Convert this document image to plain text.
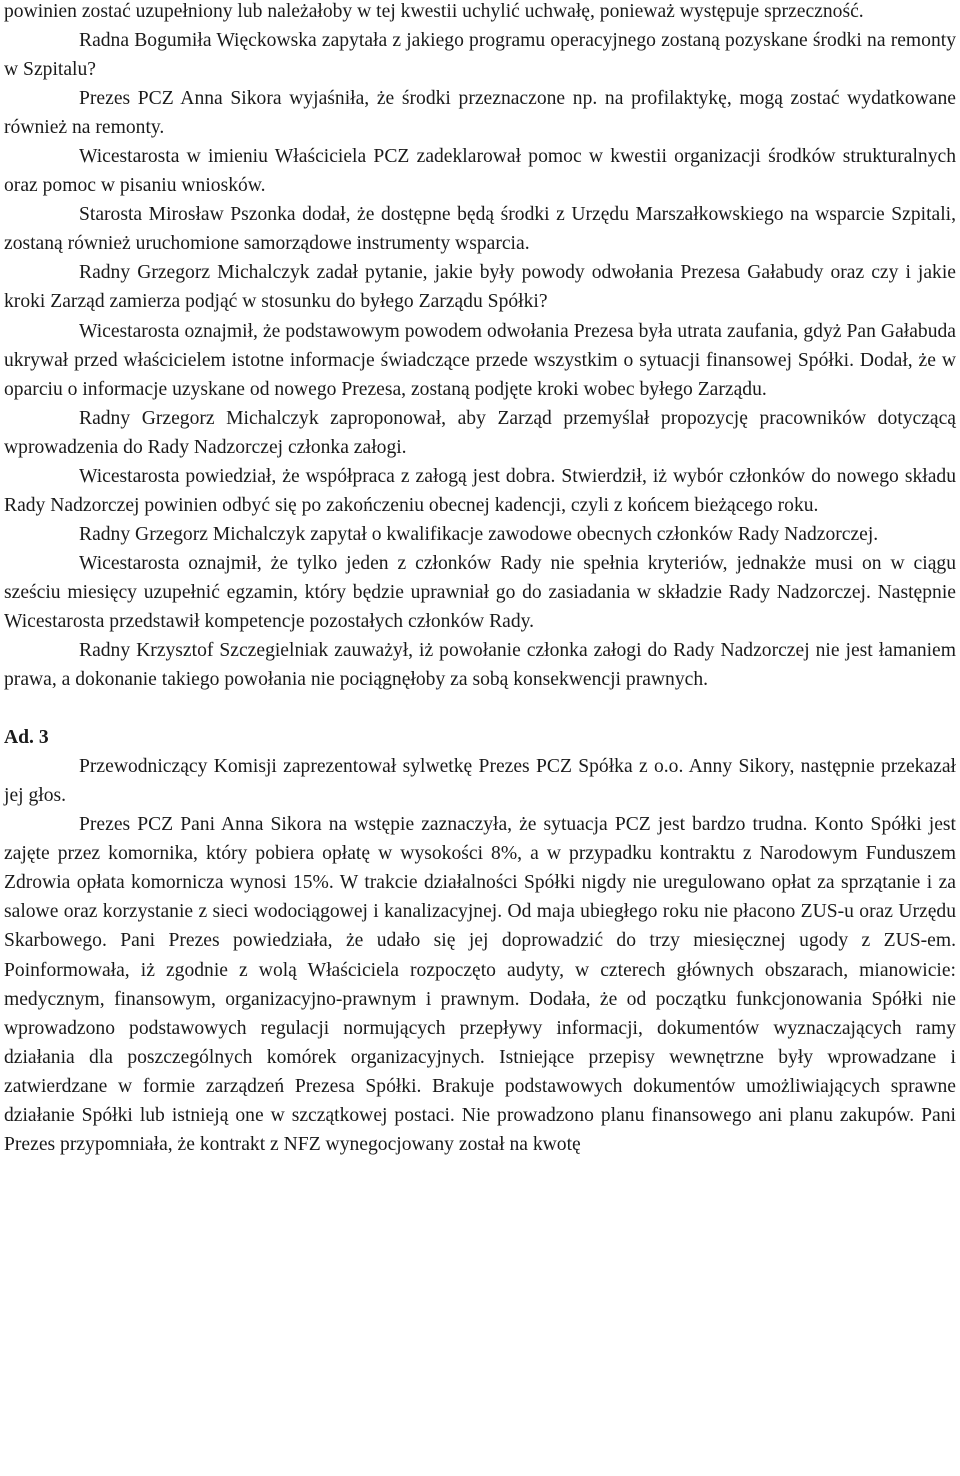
powinien zostać uzupełniony lub należałoby w tej kwestii uchylić uchwałę, ponieważ występuje sprzeczność.

Radna Bogumiła Więckowska zapytała z jakiego programu operacyjnego zostaną pozyskane środki na remonty w Szpitalu?

Prezes PCZ Anna Sikora wyjaśniła, że środki przeznaczone np. na profilaktykę, mogą zostać wydatkowane również na remonty.

Wicestarosta w imieniu Właściciela PCZ zadeklarował pomoc w kwestii organizacji środków strukturalnych oraz pomoc w pisaniu wniosków.

Starosta Mirosław Pszonka dodał, że dostępne będą środki z Urzędu Marszałkowskiego na wsparcie Szpitali, zostaną również uruchomione samorządowe instrumenty wsparcia.

Radny Grzegorz Michalczyk zadał pytanie, jakie były powody odwołania Prezesa Gałabudy oraz czy i jakie kroki Zarząd zamierza podjąć w stosunku do byłego Zarządu Spółki?

Wicestarosta oznajmił, że podstawowym powodem odwołania Prezesa była utrata zaufania, gdyż Pan Gałabuda ukrywał przed właścicielem istotne informacje świadczące przede wszystkim o sytuacji finansowej Spółki. Dodał, że w oparciu o informacje uzyskane od nowego Prezesa, zostaną podjęte kroki wobec byłego Zarządu.

Radny Grzegorz Michalczyk zaproponował, aby Zarząd przemyślał propozycję pracowników dotyczącą wprowadzenia do Rady Nadzorczej członka załogi.

Wicestarosta powiedział, że współpraca z załogą jest dobra. Stwierdził, iż wybór członków do nowego składu Rady Nadzorczej powinien odbyć się po zakończeniu obecnej kadencji, czyli z końcem bieżącego roku.

Radny Grzegorz Michalczyk zapytał o kwalifikacje zawodowe obecnych członków Rady Nadzorczej.

Wicestarosta oznajmił, że tylko jeden z członków Rady nie spełnia kryteriów, jednakże musi on w ciągu sześciu miesięcy uzupełnić egzamin, który będzie uprawniał go do zasiadania w składzie Rady Nadzorczej. Następnie Wicestarosta przedstawił kompetencje pozostałych członków Rady.

Radny Krzysztof Szczegielniak zauważył, iż powołanie członka załogi do Rady Nadzorczej nie jest łamaniem prawa, a dokonanie takiego powołania nie pociągnęłoby za sobą konsekwencji prawnych.

Ad. 3

Przewodniczący Komisji zaprezentował sylwetkę Prezes PCZ Spółka z o.o. Anny Sikory, następnie przekazał jej głos.

Prezes PCZ Pani Anna Sikora na wstępie zaznaczyła, że sytuacja PCZ jest bardzo trudna. Konto Spółki jest zajęte przez komornika, który pobiera opłatę w wysokości 8%, a w przypadku kontraktu z Narodowym Funduszem Zdrowia opłata komornicza wynosi 15%. W trakcie działalności Spółki nigdy nie uregulowano opłat za sprzątanie i za salowe oraz korzystanie z sieci wodociągowej i kanalizacyjnej. Od maja ubiegłego roku nie płacono ZUS-u oraz Urzędu Skarbowego. Pani Prezes powiedziała, że udało się jej doprowadzić do trzy miesięcznej ugody z ZUS-em. Poinformowała, iż zgodnie z wolą Właściciela rozpoczęto audyty, w czterech głównych obszarach, mianowicie: medycznym, finansowym, organizacyjno-prawnym i prawnym. Dodała, że od początku funkcjonowania Spółki nie wprowadzono podstawowych regulacji normujących przepływy informacji, dokumentów wyznaczających ramy działania dla poszczególnych komórek organizacyjnych. Istniejące przepisy wewnętrzne były wprowadzane i zatwierdzane w formie zarządzeń Prezesa Spółki. Brakuje podstawowych dokumentów umożliwiających sprawne działanie Spółki lub istnieją one w szczątkowej postaci. Nie prowadzono planu finansowego ani planu zakupów. Pani Prezes przypomniała, że kontrakt z NFZ wynegocjowany został na kwotę
